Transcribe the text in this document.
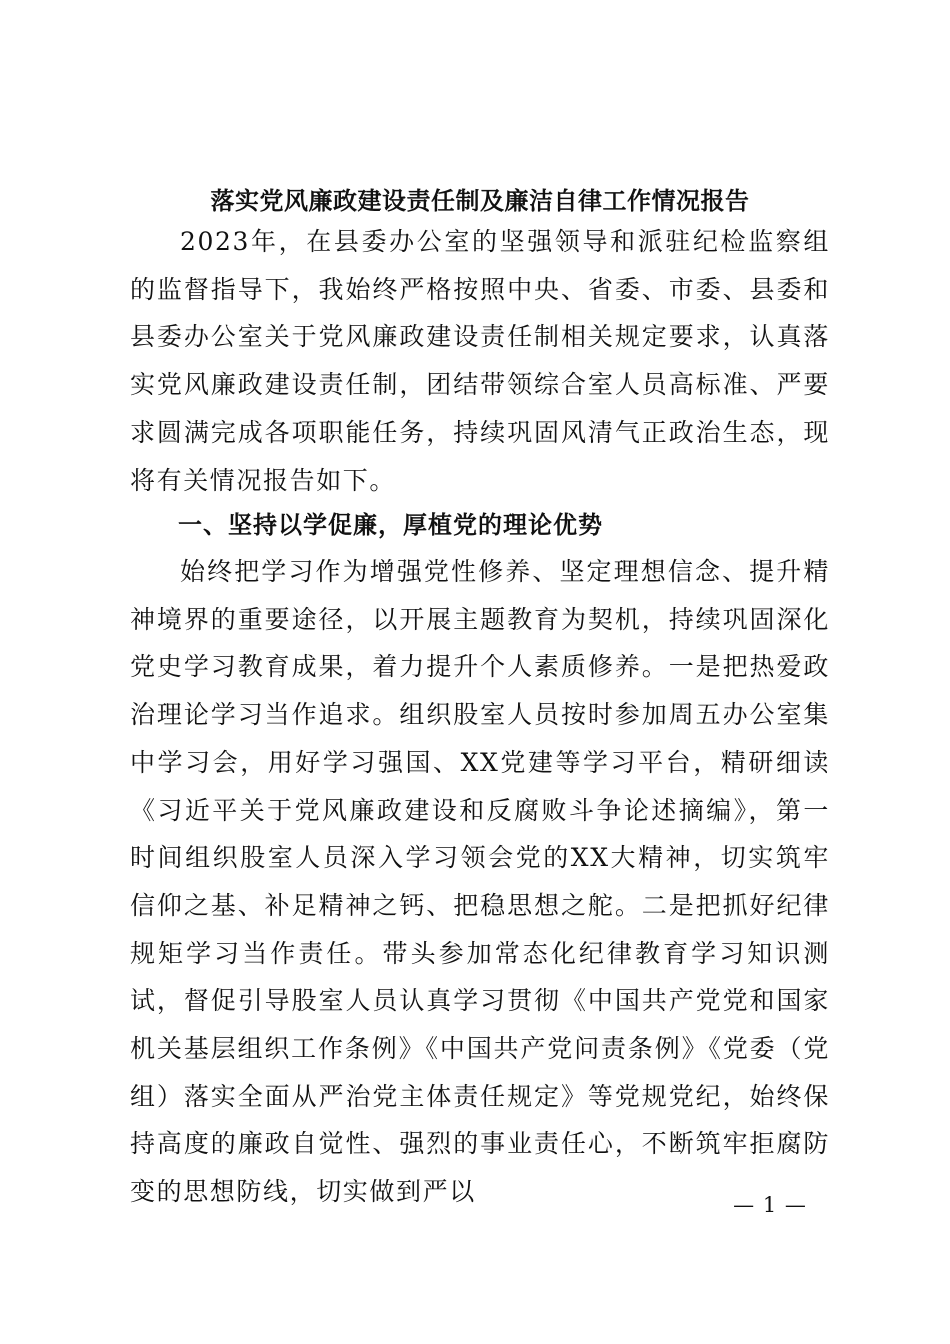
落实党风廉政建设责任制及廉洁自律工作情况报告

2023年，在县委办公室的坚强领导和派驻纪检监察组的监督指导下，我始终严格按照中央、省委、市委、县委和县委办公室关于党风廉政建设责任制相关规定要求，认真落实党风廉政建设责任制，团结带领综合室人员高标准、严要求圆满完成各项职能任务，持续巩固风清气正政治生态，现将有关情况报告如下。

一、坚持以学促廉，厚植党的理论优势

始终把学习作为增强党性修养、坚定理想信念、提升精神境界的重要途径，以开展主题教育为契机，持续巩固深化党史学习教育成果，着力提升个人素质修养。一是把热爱政治理论学习当作追求。组织股室人员按时参加周五办公室集中学习会，用好学习强国、XX党建等学习平台，精研细读《习近平关于党风廉政建设和反腐败斗争论述摘编》，第一时间组织股室人员深入学习领会党的XX大精神，切实筑牢信仰之基、补足精神之钙、把稳思想之舵。二是把抓好纪律规矩学习当作责任。带头参加常态化纪律教育学习知识测试，督促引导股室人员认真学习贯彻《中国共产党党和国家机关基层组织工作条例》《中国共产党问责条例》《党委（党组）落实全面从严治党主体责任规定》等党规党纪，始终保持高度的廉政自觉性、强烈的事业责任心，不断筑牢拒腐防变的思想防线，切实做到严以	— 1 —
